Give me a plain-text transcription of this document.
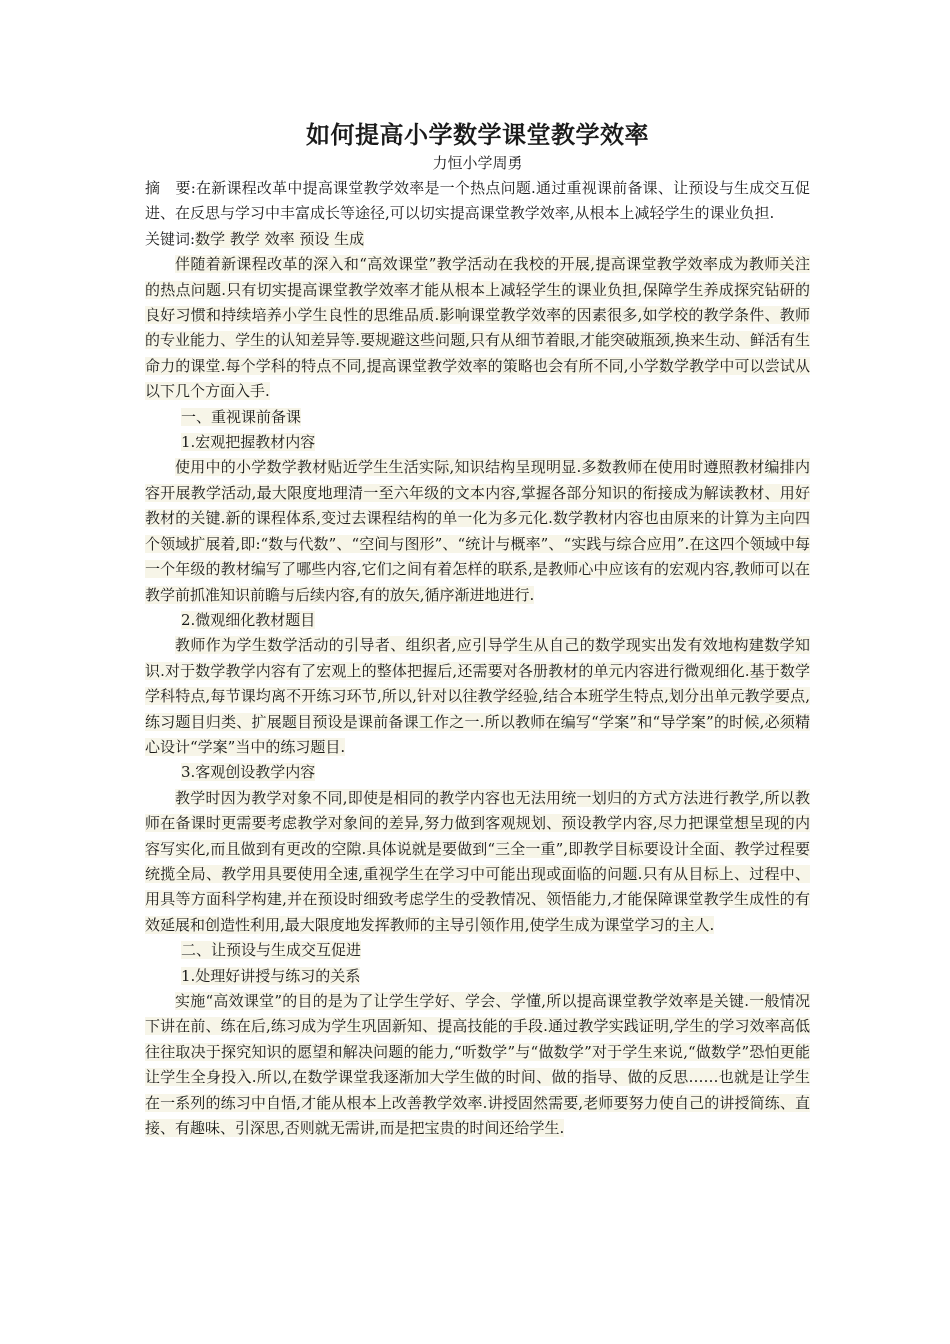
如何提高小学数学课堂教学效率
力恒小学周勇
摘　要:在新课程改革中提高课堂教学效率是一个热点问题.通过重视课前备课、让预设与生成交互促进、在反思与学习中丰富成长等途径,可以切实提高课堂教学效率,从根本上减轻学生的课业负担.
关键词:数学 教学 效率 预设 生成
伴随着新课程改革的深入和“高效课堂”教学活动在我校的开展,提高课堂教学效率成为教师关注的热点问题.只有切实提高课堂教学效率才能从根本上减轻学生的课业负担,保障学生养成探究钻研的良好习惯和持续培养小学生良性的思维品质.影响课堂教学效率的因素很多,如学校的教学条件、教师的专业能力、学生的认知差异等.要规避这些问题,只有从细节着眼,才能突破瓶颈,换来生动、鲜活有生命力的课堂.每个学科的特点不同,提高课堂教学效率的策略也会有所不同,小学数学教学中可以尝试从以下几个方面入手.
一、重视课前备课
1.宏观把握教材内容
使用中的小学数学教材贴近学生生活实际,知识结构呈现明显.多数教师在使用时遵照教材编排内容开展教学活动,最大限度地理清一至六年级的文本内容,掌握各部分知识的衔接成为解读教材、用好教材的关键.新的课程体系,变过去课程结构的单一化为多元化.数学教材内容也由原来的计算为主向四个领域扩展着,即:“数与代数”、“空间与图形”、“统计与概率”、“实践与综合应用”.在这四个领域中每一个年级的教材编写了哪些内容,它们之间有着怎样的联系,是教师心中应该有的宏观内容,教师可以在教学前抓准知识前瞻与后续内容,有的放矢,循序渐进地进行.
2.微观细化教材题目
教师作为学生数学活动的引导者、组织者,应引导学生从自己的数学现实出发有效地构建数学知识.对于数学教学内容有了宏观上的整体把握后,还需要对各册教材的单元内容进行微观细化.基于数学学科特点,每节课均离不开练习环节,所以,针对以往教学经验,结合本班学生特点,划分出单元教学要点,练习题目归类、扩展题目预设是课前备课工作之一.所以教师在编写“学案”和“导学案”的时候,必须精心设计“学案”当中的练习题目.
3.客观创设教学内容
教学时因为教学对象不同,即使是相同的教学内容也无法用统一划归的方式方法进行教学,所以教师在备课时更需要考虑教学对象间的差异,努力做到客观规划、预设教学内容,尽力把课堂想呈现的内容写实化,而且做到有更改的空隙.具体说就是要做到“三全一重”,即教学目标要设计全面、教学过程要统揽全局、教学用具要使用全速,重视学生在学习中可能出现或面临的问题.只有从目标上、过程中、用具等方面科学构建,并在预设时细致考虑学生的受教情况、领悟能力,才能保障课堂教学生成性的有效延展和创造性利用,最大限度地发挥教师的主导引领作用,使学生成为课堂学习的主人.
二、让预设与生成交互促进
1.处理好讲授与练习的关系
实施“高效课堂”的目的是为了让学生学好、学会、学懂,所以提高课堂教学效率是关键.一般情况下讲在前、练在后,练习成为学生巩固新知、提高技能的手段.通过教学实践证明,学生的学习效率高低往往取决于探究知识的愿望和解决问题的能力,“听数学”与“做数学”对于学生来说,“做数学”恐怕更能让学生全身投入.所以,在数学课堂我逐渐加大学生做的时间、做的指导、做的反思……也就是让学生在一系列的练习中自悟,才能从根本上改善教学效率.讲授固然需要,老师要努力使自己的讲授简练、直接、有趣味、引深思,否则就无需讲,而是把宝贵的时间还给学生.
